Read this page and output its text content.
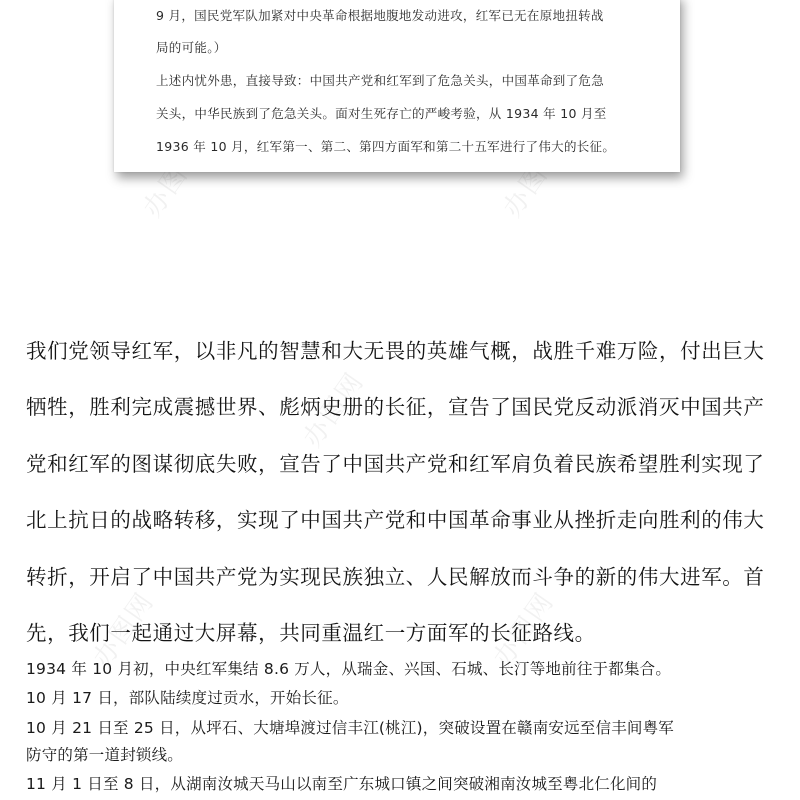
办图网	办图网
办图网
办图网	办图网
9 月，国民党军队加紧对中央革命根据地腹地发动进攻，红军已无在原地扭转战
局的可能。）
上述内忧外患，直接导致：中国共产党和红军到了危急关头，中国革命到了危急
关头，中华民族到了危急关头。面对生死存亡的严峻考验，从 1934 年 10 月至
1936 年 10 月，红军第一、第二、第四方面军和第二十五军进行了伟大的长征。
我们党领导红军，以非凡的智慧和大无畏的英雄气概，战胜千难万险，付出巨大
牺牲，胜利完成震撼世界、彪炳史册的长征，宣告了国民党反动派消灭中国共产
党和红军的图谋彻底失败，宣告了中国共产党和红军肩负着民族希望胜利实现了
北上抗日的战略转移，实现了中国共产党和中国革命事业从挫折走向胜利的伟大
转折，开启了中国共产党为实现民族独立、人民解放而斗争的新的伟大进军。首
先，我们一起通过大屏幕，共同重温红一方面军的长征路线。
1934 年 10 月初，中央红军集结 8.6 万人，从瑞金、兴国、石城、长汀等地前往于都集合。
10 月 17 日，部队陆续度过贡水，开始长征。
10 月 21 日至 25 日，从坪石、大塘埠渡过信丰江(桃江)，突破设置在赣南安远至信丰间粤军
防守的第一道封锁线。
11 月 1 日至 8 日，从湖南汝城天马山以南至广东城口镇之间突破湘南汝城至粤北仁化间的
